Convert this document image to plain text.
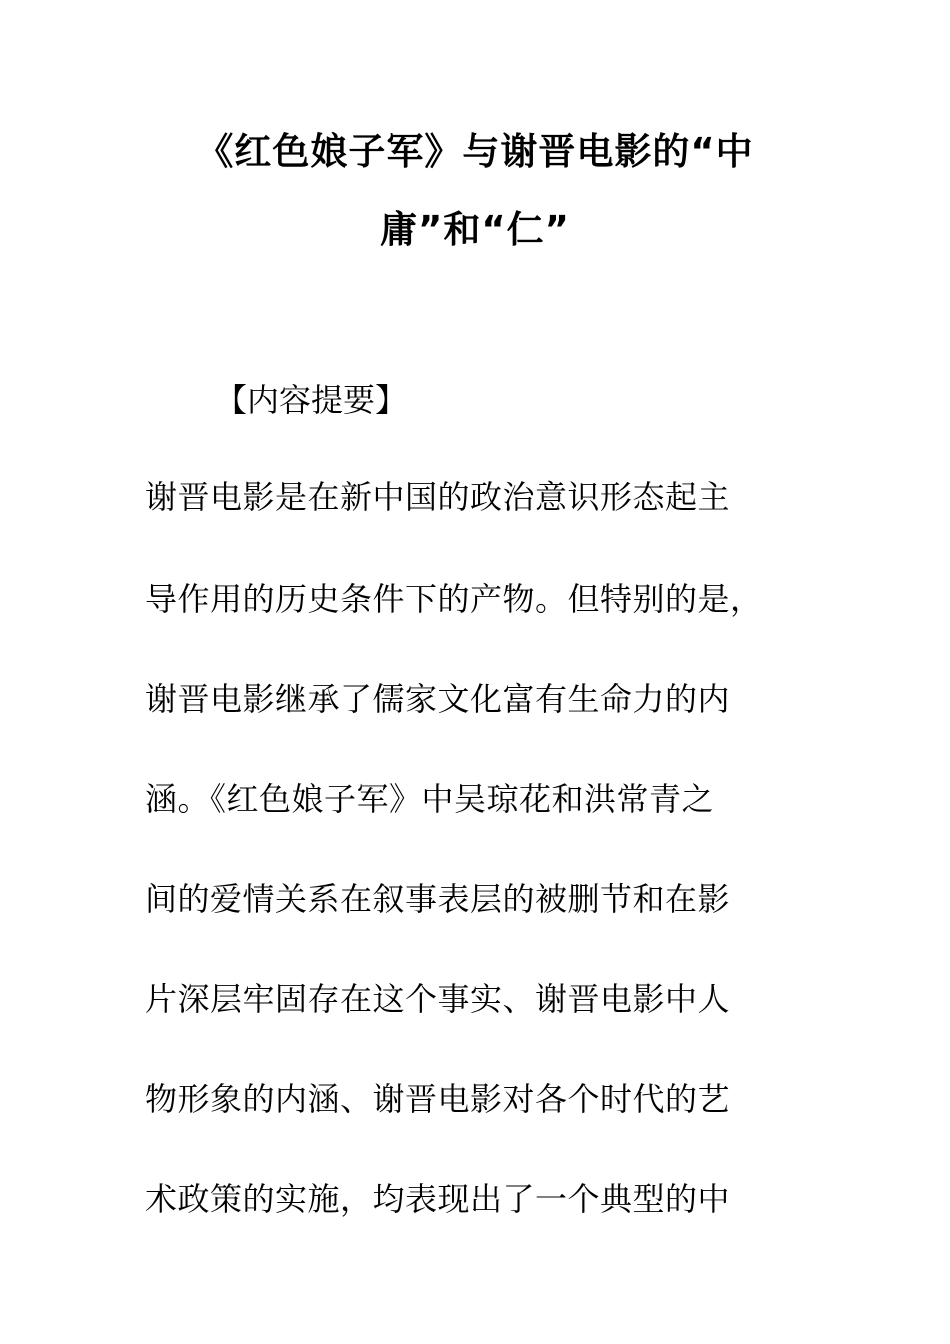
《红色娘子军》与谢晋电影的“中
庸”和“仁”
【内容提要】
谢晋电影是在新中国的政治意识形态起主
导作用的历史条件下的产物。但特别的是，
谢晋电影继承了儒家文化富有生命力的内
涵。《红色娘子军》中吴琼花和洪常青之
间的爱情关系在叙事表层的被删节和在影
片深层牢固存在这个事实、谢晋电影中人
物形象的内涵、谢晋电影对各个时代的艺
术政策的实施，均表现出了一个典型的中
